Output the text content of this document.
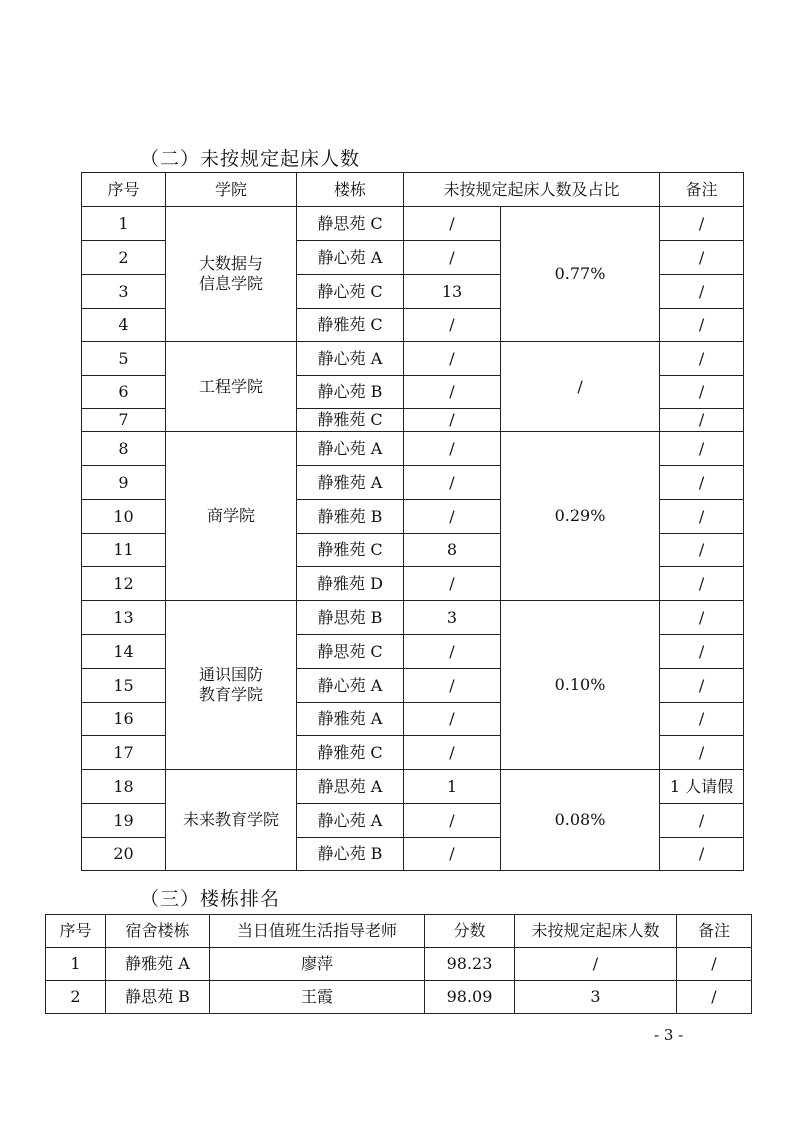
（二）未按规定起床人数
序号	学院	楼栋	未按规定起床人数及占比		备注
1	大数据与
信息学院	静思苑 C	/	0.77%	/
2		静心苑 A	/		/
3		静心苑 C	13		/
4		静雅苑 C	/		/
5	工程学院	静心苑 A	/	/	/
6		静心苑 B	/		/
7		静雅苑 C	/		/
8	商学院	静心苑 A	/	0.29%	/
9		静雅苑 A	/		/
10		静雅苑 B	/		/
11		静雅苑 C	8		/
12		静雅苑 D	/		/
13	通识国防
教育学院	静思苑 B	3	0.10%	/
14		静思苑 C	/		/
15		静心苑 A	/		/
16		静雅苑 A	/		/
17		静雅苑 C	/		/
18	未来教育学院	静思苑 A	1	0.08%	1 人请假
19		静心苑 A	/		/
20		静心苑 B	/		/
（三）楼栋排名
序号	宿舍楼栋	当日值班生活指导老师	分数	未按规定起床人数	备注
1	静雅苑 A	廖萍	98.23	/	/
2	静思苑 B	王霞	98.09	3	/
- 3 -
